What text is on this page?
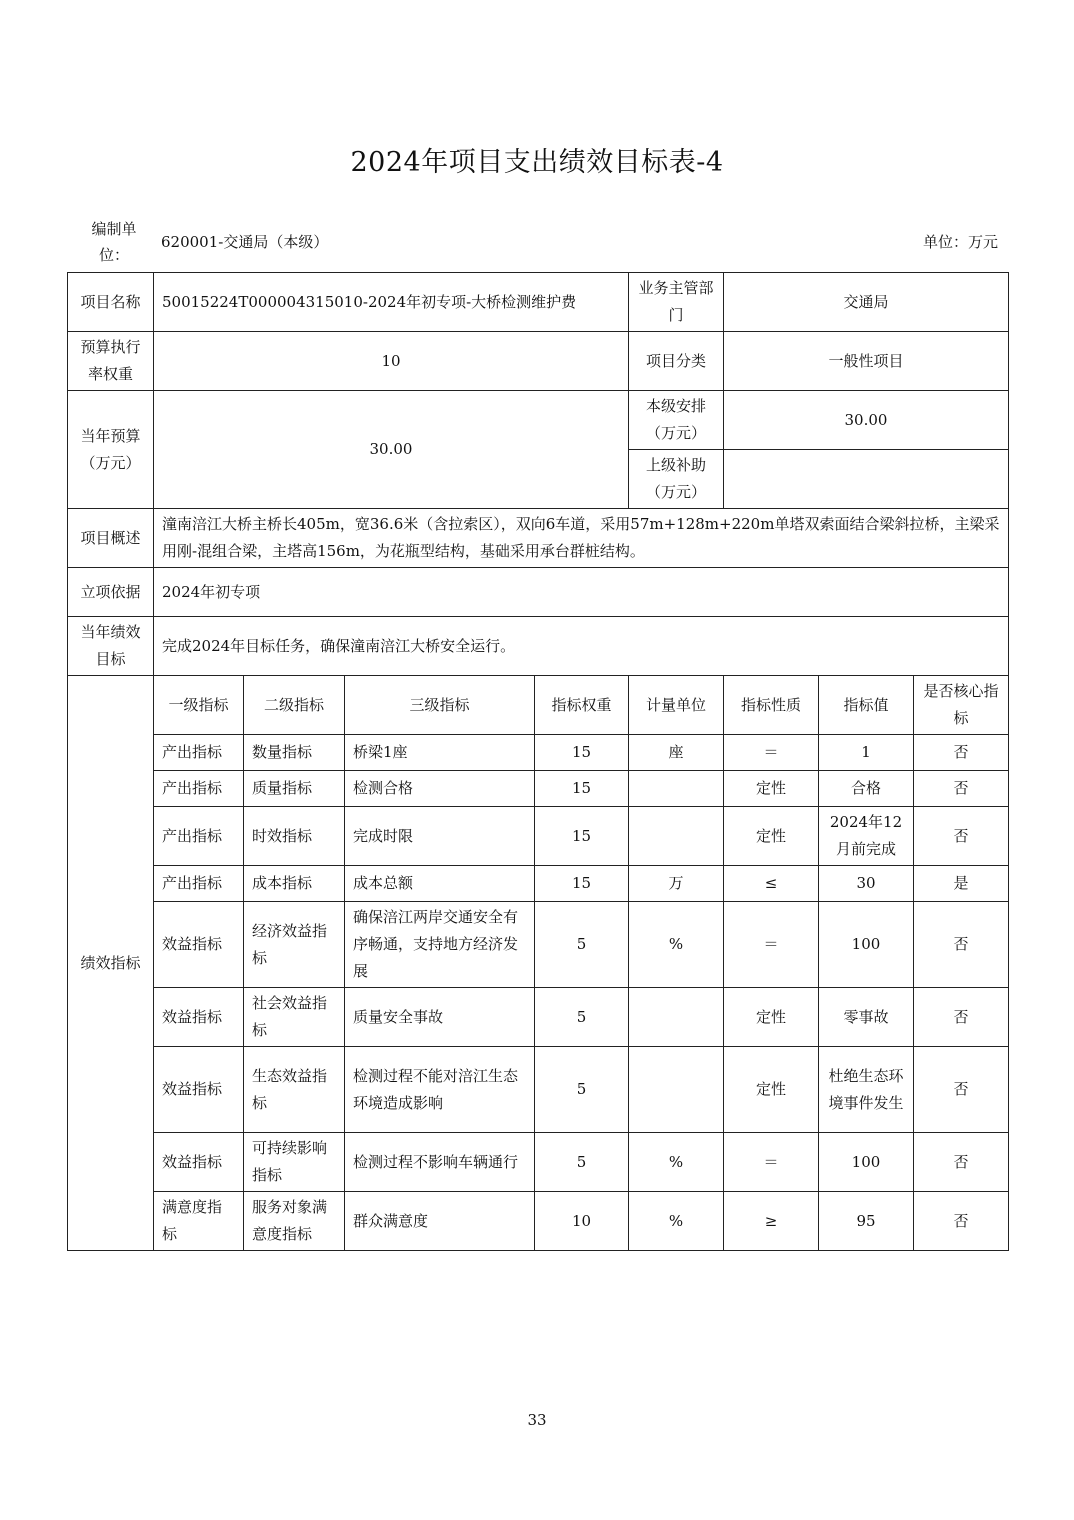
2024年项目支出绩效目标表-4
编制单位：
620001-交通局（本级）	单位：万元
项目名称	50015224T000004315010-2024年初专项-大桥检测维护费				业务主管部门	交通局		
预算执行率权重	10				项目分类	一般性项目		
当年预算（万元）	30.00				本级安排（万元）	30.00		
					上级补助（万元）			
项目概述	潼南涪江大桥主桥长405m，宽36.6米（含拉索区），双向6车道，采用57m+128m+220m单塔双索面结合梁斜拉桥，主梁采用刚-混组合梁，主塔高156m，为花瓶型结构，基础采用承台群桩结构。							
立项依据	2024年初专项							
当年绩效目标	完成2024年目标任务，确保潼南涪江大桥安全运行。							
绩效指标	一级指标	二级指标	三级指标	指标权重	计量单位	指标性质	指标值	是否核心指标
	产出指标	数量指标	桥梁1座	15	座	＝	1	否
	产出指标	质量指标	检测合格	15		定性	合格	否
	产出指标	时效指标	完成时限	15		定性	2024年12月前完成	否
	产出指标	成本指标	成本总额	15	万	≤	30	是
	效益指标	经济效益指标	确保涪江两岸交通安全有序畅通，支持地方经济发展	5	%	＝	100	否
	效益指标	社会效益指标	质量安全事故	5		定性	零事故	否
	效益指标	生态效益指标	检测过程不能对涪江生态环境造成影响	5		定性	杜绝生态环境事件发生	否
	效益指标	可持续影响指标	检测过程不影响车辆通行	5	%	＝	100	否
	满意度指标	服务对象满意度指标	群众满意度	10	%	≥	95	否
33
